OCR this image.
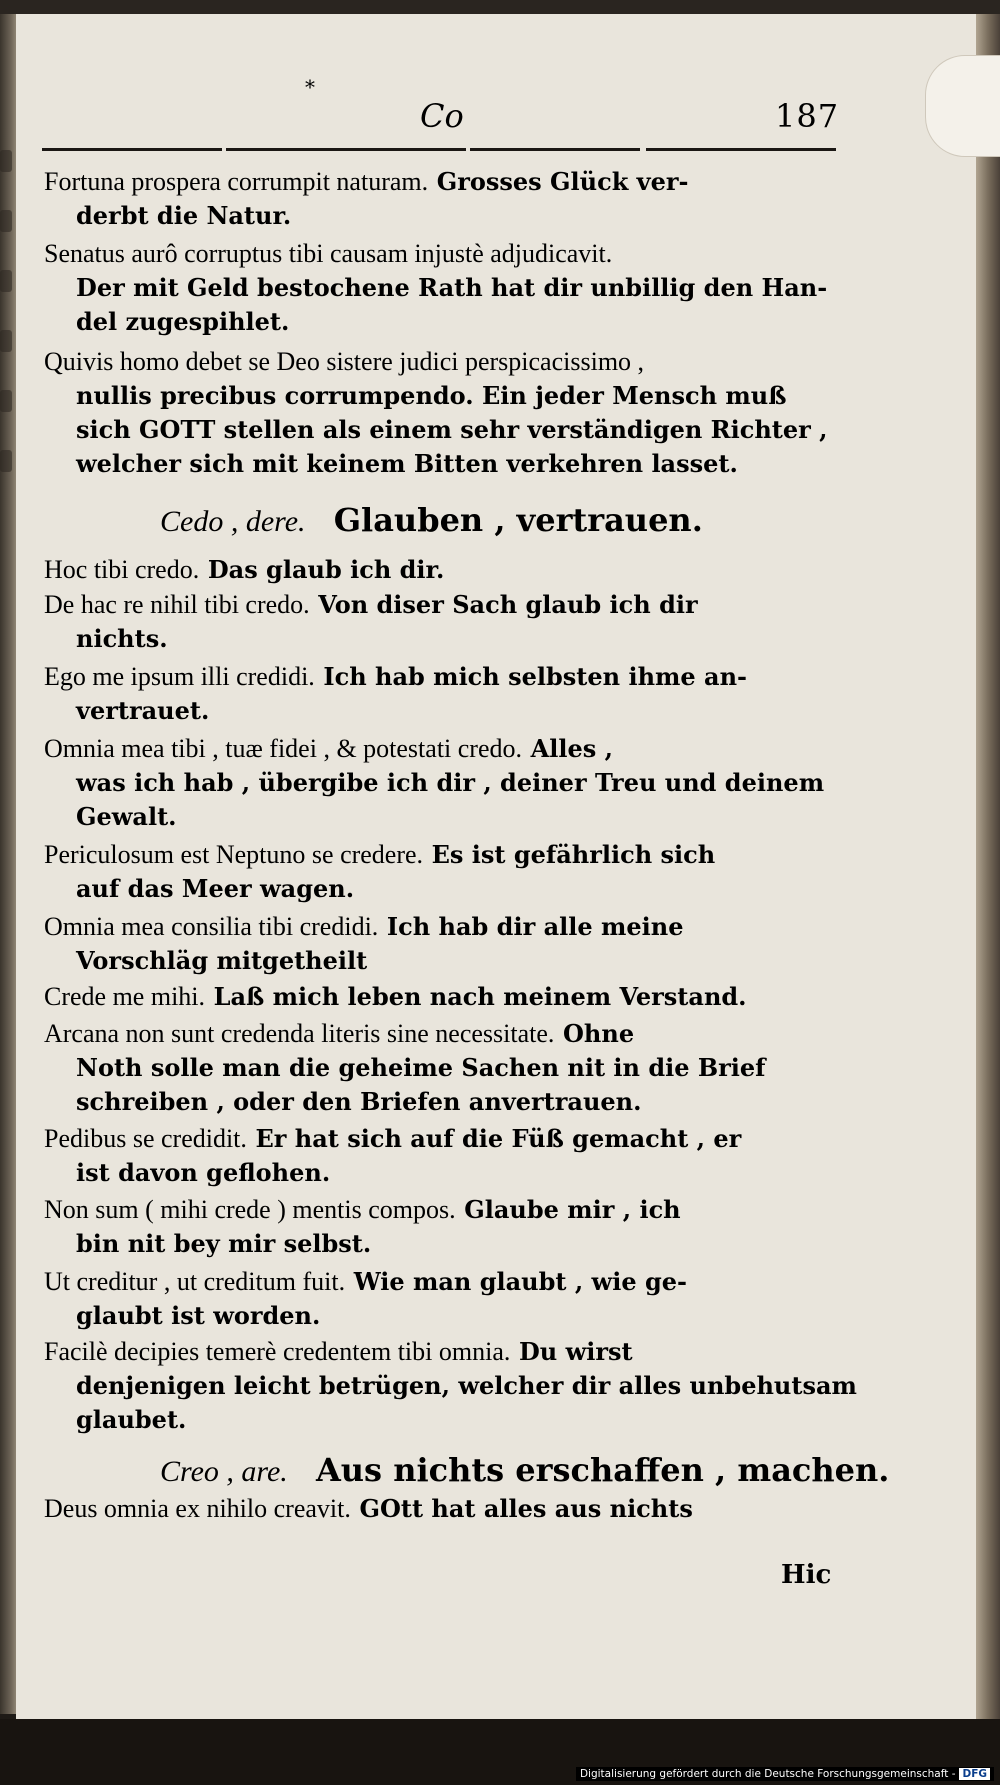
*
Co	187
Fortuna prospera corrumpit naturam. Grosses Glück ver-
derbt die Natur.
Senatus aurô corruptus tibi causam injustè adjudicavit.
Der mit Geld bestochene Rath hat dir unbillig den Han-
del zugespihlet.
Quivis homo debet se Deo sistere judici perspicacissimo ,
nullis precibus corrumpendo. Ein jeder Mensch muß
sich GOTT stellen als einem sehr verständigen Richter ,
welcher sich mit keinem Bitten verkehren lasset.
Cedo , dere. Glauben , vertrauen.
Hoc tibi credo. Das glaub ich dir.
De hac re nihil tibi credo. Von diser Sach glaub ich dir
nichts.
Ego me ipsum illi credidi. Ich hab mich selbsten ihme an-
vertrauet.
Omnia mea tibi , tuæ fidei , & potestati credo. Alles ,
was ich hab , übergibe ich dir , deiner Treu und deinem
Gewalt.
Periculosum est Neptuno se credere. Es ist gefährlich sich
auf das Meer wagen.
Omnia mea consilia tibi credidi. Ich hab dir alle meine
Vorschläg mitgetheilt
Crede me mihi. Laß mich leben nach meinem Verstand.
Arcana non sunt credenda literis sine necessitate. Ohne
Noth solle man die geheime Sachen nit in die Brief
schreiben , oder den Briefen anvertrauen.
Pedibus se credidit. Er hat sich auf die Füß gemacht , er
ist davon geflohen.
Non sum ( mihi crede ) mentis compos. Glaube mir , ich
bin nit bey mir selbst.
Ut creditur , ut creditum fuit. Wie man glaubt , wie ge-
glaubt ist worden.
Facilè decipies temerè credentem tibi omnia. Du wirst
denjenigen leicht betrügen, welcher dir alles unbehutsam
glaubet.
Creo , are. Aus nichts erschaffen , machen.
Deus omnia ex nihilo creavit. GOtt hat alles aus nichts
Hic
Digitalisierung gefördert durch die Deutsche Forschungsgemeinschaft - DFG
